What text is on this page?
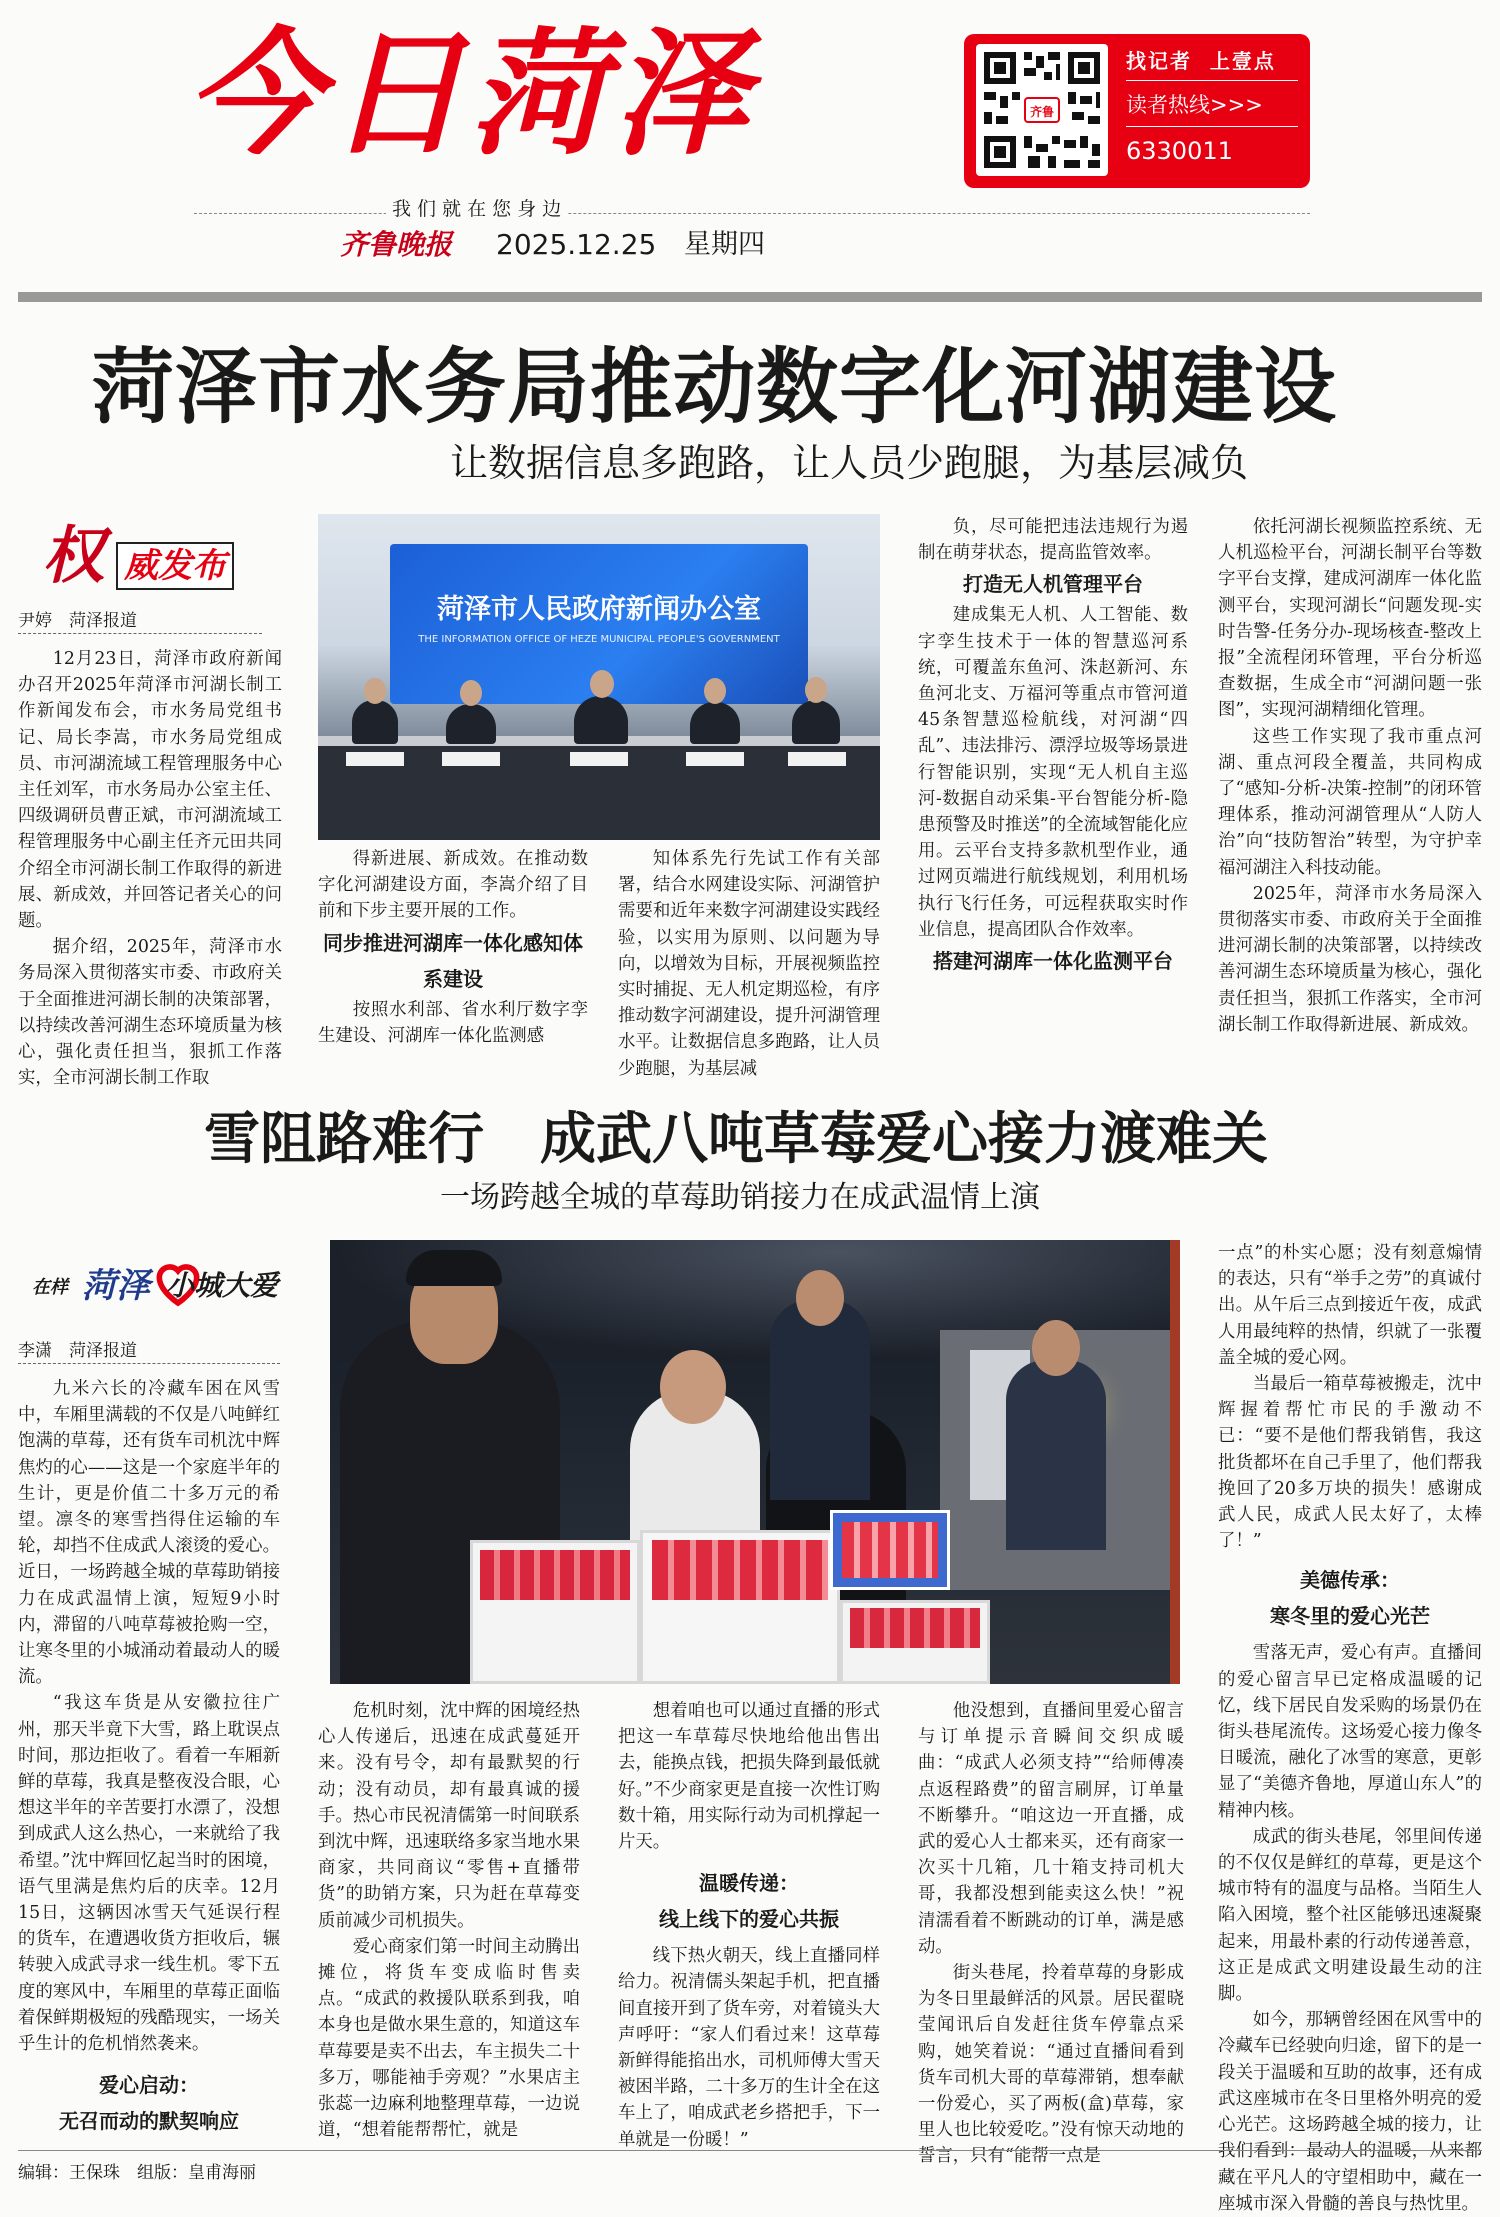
今日菏泽	齐鲁
找记者  上壹点
读者热线>>>
6330011
我 们 就 在 您 身 边
齐鲁晚报 2025.12.25 星期四
菏泽市水务局推动数字化河湖建设
让数据信息多跑路，让人员少跑腿，为基层减负
权 威发布
尹婷　菏泽报道

12月23日，菏泽市政府新闻办召开2025年菏泽市河湖长制工作新闻发布会，市水务局党组书记、局长李嵩，市水务局党组成员、市河湖流域工程管理服务中心主任刘军，市水务局办公室主任、四级调研员曹正斌，市河湖流域工程管理服务中心副主任齐元田共同介绍全市河湖长制工作取得的新进展、新成效，并回答记者关心的问题。

据介绍，2025年，菏泽市水务局深入贯彻落实市委、市政府关于全面推进河湖长制的决策部署，以持续改善河湖生态环境质量为核心，强化责任担当，狠抓工作落实，全市河湖长制工作取

菏泽市人民政府新闻办公室
THE INFORMATION OFFICE OF HEZE MUNICIPAL PEOPLE'S GOVERNMENT

得新进展、新成效。在推动数字化河湖建设方面，李嵩介绍了目前和下步主要开展的工作。

同步推进河湖库一体化感知体系建设

按照水利部、省水利厅数字孪生建设、河湖库一体化监测感

知体系先行先试工作有关部署，结合水网建设实际、河湖管护需要和近年来数字河湖建设实践经验，以实用为原则、以问题为导向，以增效为目标，开展视频监控实时捕捉、无人机定期巡检，有序推动数字河湖建设，提升河湖管理水平。让数据信息多跑路，让人员少跑腿，为基层减

负，尽可能把违法违规行为遏制在萌芽状态，提高监管效率。

打造无人机管理平台

建成集无人机、人工智能、数字孪生技术于一体的智慧巡河系统，可覆盖东鱼河、洙赵新河、东鱼河北支、万福河等重点市管河道45条智慧巡检航线，对河湖“四乱”、违法排污、漂浮垃圾等场景进行智能识别，实现“无人机自主巡河-数据自动采集-平台智能分析-隐患预警及时推送”的全流域智能化应用。云平台支持多款机型作业，通过网页端进行航线规划，利用机场执行飞行任务，可远程获取实时作业信息，提高团队合作效率。

搭建河湖库一体化监测平台

依托河湖长视频监控系统、无人机巡检平台，河湖长制平台等数字平台支撑，建成河湖库一体化监测平台，实现河湖长“问题发现-实时告警-任务分办-现场核查-整改上报”全流程闭环管理，平台分析巡查数据，生成全市“河湖问题一张图”，实现河湖精细化管理。

这些工作实现了我市重点河湖、重点河段全覆盖，共同构成了“感知-分析-决策-控制”的闭环管理体系，推动河湖管理从“人防人治”向“技防智治”转型，为守护幸福河湖注入科技动能。

2025年，菏泽市水务局深入贯彻落实市委、市政府关于全面推进河湖长制的决策部署，以持续改善河湖生态环境质量为核心，强化责任担当，狠抓工作落实，全市河湖长制工作取得新进展、新成效。

雪阻路难行　成武八吨草莓爱心接力渡难关
一场跨越全城的草莓助销接力在成武温情上演
在样 菏泽 小城大爱
李潇　菏泽报道

九米六长的冷藏车困在风雪中，车厢里满载的不仅是八吨鲜红饱满的草莓，还有货车司机沈中辉焦灼的心——这是一个家庭半年的生计，更是价值二十多万元的希望。凛冬的寒雪挡得住运输的车轮，却挡不住成武人滚烫的爱心。近日，一场跨越全城的草莓助销接力在成武温情上演，短短9小时内，滞留的八吨草莓被抢购一空，让寒冬里的小城涌动着最动人的暖流。

“我这车货是从安徽拉往广州，那天半竟下大雪，路上耽误点时间，那边拒收了。看着一车厢新鲜的草莓，我真是整夜没合眼，心想这半年的辛苦要打水漂了，没想到成武人这么热心，一来就给了我希望。”沈中辉回忆起当时的困境，语气里满是焦灼后的庆幸。12月15日，这辆因冰雪天气延误行程的货车，在遭遇收货方拒收后，辗转驶入成武寻求一线生机。零下五度的寒风中，车厢里的草莓正面临着保鲜期极短的残酷现实，一场关乎生计的危机悄然袭来。

爱心启动：

无召而动的默契响应

危机时刻，沈中辉的困境经热心人传递后，迅速在成武蔓延开来。没有号令，却有最默契的行动；没有动员，却有最真诚的援手。热心市民祝清儒第一时间联系到沈中辉，迅速联络多家当地水果商家，共同商议“零售+直播带货”的助销方案，只为赶在草莓变质前减少司机损失。

爱心商家们第一时间主动腾出摊位，将货车变成临时售卖点。“成武的救援队联系到我，咱本身也是做水果生意的，知道这车草莓要是卖不出去，车主损失二十多万，哪能袖手旁观？”水果店主张蕊一边麻利地整理草莓，一边说道，“想着能帮帮忙，就是

想着咱也可以通过直播的形式把这一车草莓尽快地给他出售出去，能换点钱，把损失降到最低就好。”不少商家更是直接一次性订购数十箱，用实际行动为司机撑起一片天。

温暖传递：

线上线下的爱心共振

线下热火朝天，线上直播同样给力。祝清儒头架起手机，把直播间直接开到了货车旁，对着镜头大声呼吁：“家人们看过来！这草莓新鲜得能掐出水，司机师傅大雪天被困半路，二十多万的生计全在这车上了，咱成武老乡搭把手，下一单就是一份暖！”

他没想到，直播间里爱心留言与订单提示音瞬间交织成暖曲：“成武人必须支持”“给师傅凑点返程路费”的留言刷屏，订单量不断攀升。“咱这边一开直播，成武的爱心人士都来买，还有商家一次买十几箱，几十箱支持司机大哥，我都没想到能卖这么快！”祝清濡看着不断跳动的订单，满是感动。

街头巷尾，拎着草莓的身影成为冬日里最鲜活的风景。居民翟晓莹闻讯后自发赶往货车停靠点采购，她笑着说：“通过直播间看到货车司机大哥的草莓滞销，想奉献一份爱心，买了两板(盒)草莓，家里人也比较爱吃。”没有惊天动地的誓言，只有“能帮一点是

一点”的朴实心愿；没有刻意煽情的表达，只有“举手之劳”的真诚付出。从午后三点到接近午夜，成武人用最纯粹的热情，织就了一张覆盖全城的爱心网。

当最后一箱草莓被搬走，沈中辉握着帮忙市民的手激动不已：“要不是他们帮我销售，我这批货都坏在自己手里了，他们帮我挽回了20多万块的损失！感谢成武人民，成武人民太好了，太棒了！”

美德传承：

寒冬里的爱心光芒

雪落无声，爱心有声。直播间的爱心留言早已定格成温暖的记忆，线下居民自发采购的场景仍在街头巷尾流传。这场爱心接力像冬日暖流，融化了冰雪的寒意，更彰显了“美德齐鲁地，厚道山东人”的精神内核。

成武的街头巷尾，邻里间传递的不仅仅是鲜红的草莓，更是这个城市特有的温度与品格。当陌生人陷入困境，整个社区能够迅速凝聚起来，用最朴素的行动传递善意，这正是成武文明建设最生动的注脚。

如今，那辆曾经困在风雪中的冷藏车已经驶向归途，留下的是一段关于温暖和互助的故事，还有成武这座城市在冬日里格外明亮的爱心光芒。这场跨越全城的接力，让我们看到：最动人的温暖，从来都藏在平凡人的守望相助中，藏在一座城市深入骨髓的善良与热忱里。

编辑：王保珠　组版：皇甫海丽
